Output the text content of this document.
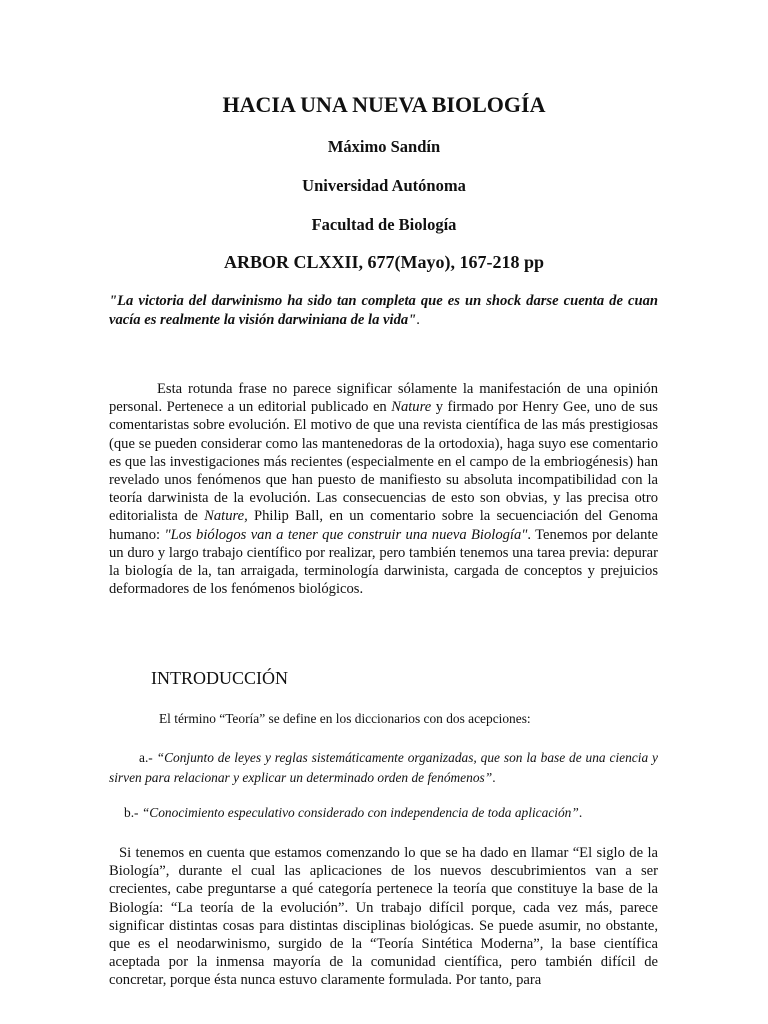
HACIA UNA NUEVA BIOLOGÍA

Máximo Sandín

Universidad Autónoma

Facultad de Biología

ARBOR CLXXII, 677(Mayo), 167-218 pp

"La victoria del darwinismo ha sido tan completa que es un shock darse cuenta de cuan vacía es realmente la visión darwiniana de la vida".

Esta rotunda frase no parece significar sólamente la manifestación de una opinión personal. Pertenece a un editorial publicado en Nature y firmado por Henry Gee, uno de sus comentaristas sobre evolución. El motivo de que una revista científica de las más prestigiosas (que se pueden considerar como las mantenedoras de la ortodoxia), haga suyo ese comentario es que las investigaciones más recientes (especialmente en el campo de la embriogénesis) han revelado unos fenómenos que han puesto de manifiesto su absoluta incompatibilidad con la teoría darwinista de la evolución. Las consecuencias de esto son obvias, y las precisa otro editorialista de Nature, Philip Ball, en un comentario sobre la secuenciación del Genoma humano: "Los biólogos van a tener que construir una nueva Biología". Tenemos por delante un duro y largo trabajo científico por realizar, pero también tenemos una tarea previa: depurar la biología de la, tan arraigada, terminología darwinista, cargada de conceptos y prejuicios deformadores de los fenómenos biológicos.

INTRODUCCIÓN

El término “Teoría” se define en los diccionarios con dos acepciones:

a.- “Conjunto de leyes y reglas sistemáticamente organizadas, que son la base de una ciencia y sirven para relacionar y explicar un determinado orden de fenómenos”.

b.- “Conocimiento especulativo considerado con independencia de toda aplicación”.

Si tenemos en cuenta que estamos comenzando lo que se ha dado en llamar “El siglo de la Biología”, durante el cual las aplicaciones de los nuevos descubrimientos van a ser crecientes, cabe preguntarse a qué categoría pertenece la teoría que constituye la base de la Biología: “La teoría de la evolución”. Un trabajo difícil porque, cada vez más, parece significar distintas cosas para distintas disciplinas biológicas. Se puede asumir, no obstante, que es el neodarwinismo, surgido de la “Teoría Sintética Moderna”, la base científica aceptada por la inmensa mayoría de la comunidad científica, pero también difícil de concretar, porque ésta nunca estuvo claramente formulada. Por tanto, para
